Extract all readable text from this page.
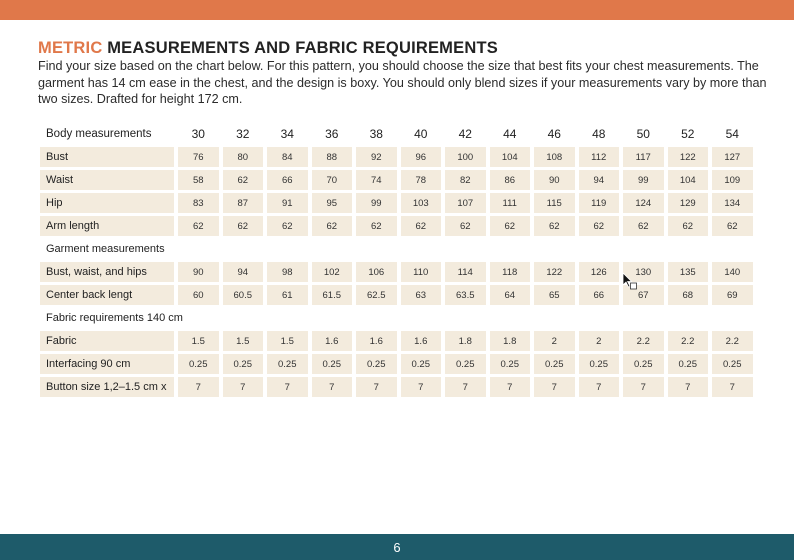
METRIC MEASUREMENTS AND FABRIC REQUIREMENTS

Find your size based on the chart below. For this pattern, you should choose the size that best fits your chest measurements. The garment has 14 cm ease in the chest, and the design is boxy. You should only blend sizes if your measurements vary by more than two sizes. Drafted for height 172 cm.

Body measurements	30	32	34	36	38	40	42	44	46	48	50	52	54
Bust	76	80	84	88	92	96	100	104	108	112	117	122	127
Waist	58	62	66	70	74	78	82	86	90	94	99	104	109
Hip	83	87	91	95	99	103	107	111	115	119	124	129	134
Arm length	62	62	62	62	62	62	62	62	62	62	62	62	62
Garment measurements													
Bust, waist, and hips	90	94	98	102	106	110	114	118	122	126	130	135	140
Center back lengt	60	60.5	61	61.5	62.5	63	63.5	64	65	66	67	68	69
Fabric requirements 140 cm													
Fabric	1.5	1.5	1.5	1.6	1.6	1.6	1.8	1.8	2	2	2.2	2.2	2.2
Interfacing 90 cm	0.25	0.25	0.25	0.25	0.25	0.25	0.25	0.25	0.25	0.25	0.25	0.25	0.25
Button size 1,2–1.5 cm x	7	7	7	7	7	7	7	7	7	7	7	7	7
6
